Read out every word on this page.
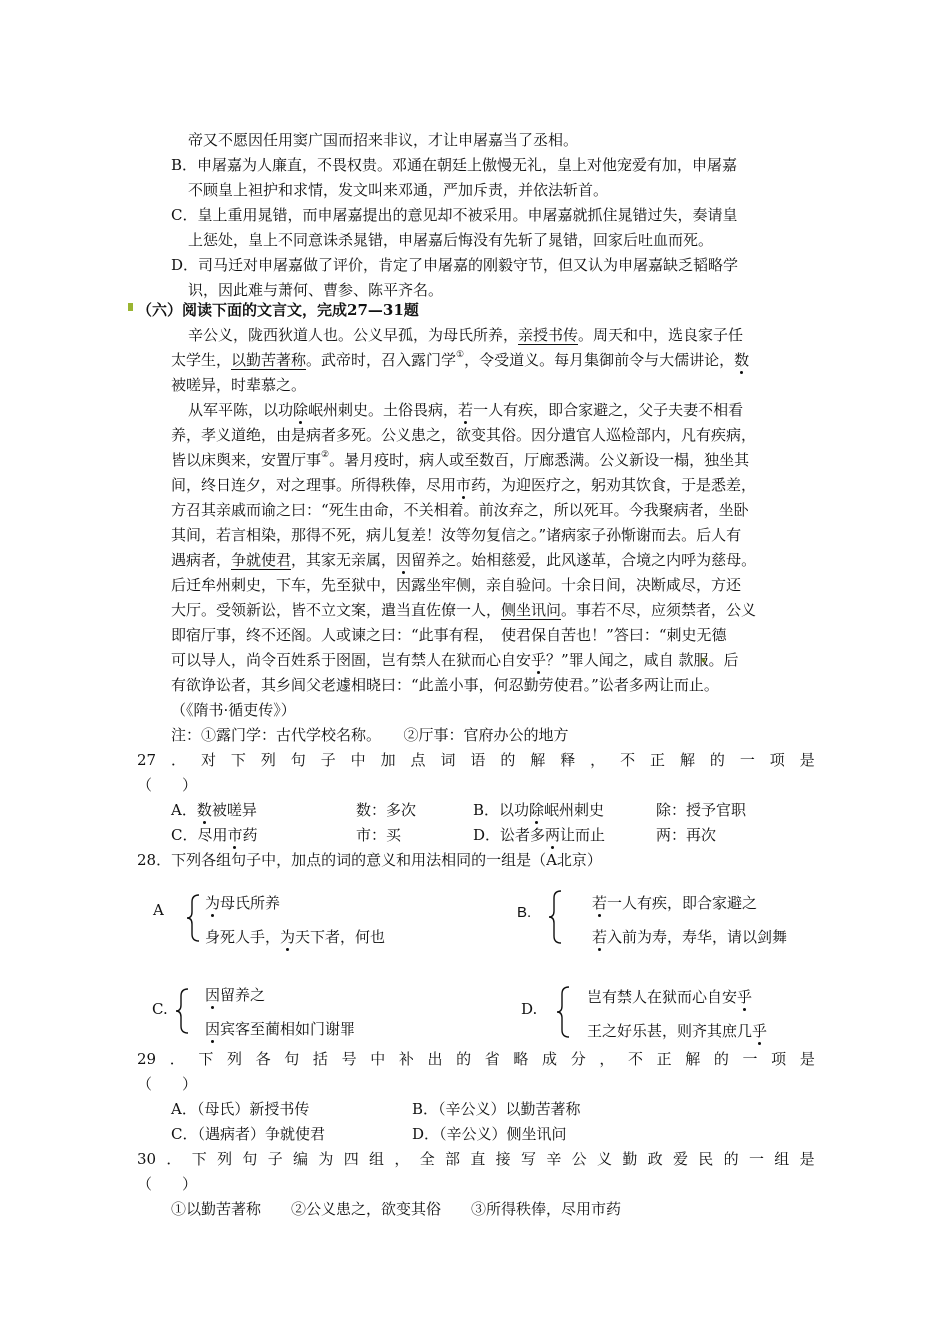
帝又不愿因任用窦广国而招来非议，才让申屠嘉当了丞相。
B．申屠嘉为人廉直，不畏权贵。邓通在朝廷上傲慢无礼，皇上对他宠爱有加，申屠嘉
不顾皇上袒护和求情，发文叫来邓通，严加斥责，并依法斩首。
C．皇上重用晁错，而申屠嘉提出的意见却不被采用。申屠嘉就抓住晁错过失，奏请皇
上惩处，皇上不同意诛杀晁错，申屠嘉后悔没有先斩了晁错，回家后吐血而死。
D．司马迁对申屠嘉做了评价，肯定了申屠嘉的刚毅守节，但又认为申屠嘉缺乏韬略学
识，因此难与萧何、曹参、陈平齐名。
（六）阅读下面的文言文，完成27—31题
辛公义，陇西狄道人也。公义早孤，为母氏所养，亲授书传。周天和中，选良家子任
太学生，以勤苦著称。武帝时，召入露门学①，令受道义。每月集御前令与大儒讲论，数
被嗟异，时辈慕之。
从军平陈，以功除岷州刺史。土俗畏病，若一人有疾，即合家避之，父子夫妻不相看
养，孝义道绝，由是病者多死。公义患之，欲变其俗。因分遣官人巡检部内，凡有疾病，
皆以床舆来，安置厅事②。暑月疫时，病人或至数百，厅廊悉满。公义新设一榻，独坐其
间，终日连夕，对之理事。所得秩俸，尽用市药，为迎医疗之，躬劝其饮食，于是悉差，
方召其亲戚而谕之曰：“死生由命，不关相着。前汝弃之，所以死耳。今我聚病者，坐卧
其间，若言相染，那得不死，病儿复差！汝等勿复信之。”诸病家子孙惭谢而去。后人有
遇病者，争就使君，其家无亲属，因留养之。始相慈爱，此风遂革，合境之内呼为慈母。
后迁牟州刺史，下车，先至狱中，因露坐牢侧，亲自验问。十余日间，决断咸尽，方还
大厅。受领新讼，皆不立文案，遣当直佐僚一人，侧坐讯问。事若不尽，应须禁者，公义
即宿厅事，终不还阁。人或谏之曰：“此事有程，　使君保自苦也！”答曰：“刺史无德
可以导人，尚令百姓系于囹圄，岂有禁人在狱而心自安乎？”罪人闻之，咸自 款服。后
有欲诤讼者，其乡闾父老遽相晓曰：“此盖小事，何忍勤劳使君。”讼者多两让而止。
（《隋书·循吏传》）
注：①露门学：古代学校名称。　　②厅事：官府办公的地方
27 ． 对 下 列 句 子 中 加 点 词 语 的 解 释 ， 不 正 解 的 一 项 是
（　　）
A．数被嗟异	数：多次	B．以功除岷州刺史	除：授予官职
C．尽用市药	市：买	D．讼者多两让而止	两：再次
28．下列各组句子中，加点的词的意义和用法相同的一组是（A北京）
A	为母氏所养
身死人手，为天下者，何也
B.
若一人有疾，即合家避之
若入前为寿，寿华，请以剑舞
C.
因留养之
因宾客至蔺相如门谢罪
D.
岂有禁人在狱而心自安乎
王之好乐甚，则齐其庶几乎
29 ． 下 列 各 句 括 号 中 补 出 的 省 略 成 分 ， 不 正 解 的 一 项 是
（　　）
A．（母氏）新授书传	B．（辛公义）以勤苦著称
C．（遇病者）争就使君	D．（辛公义）侧坐讯问
30 ． 下 列 句 子 编 为 四 组 ， 全 部 直 接 写 辛 公 义 勤 政 爱 民 的 一 组 是
（　　）
①以勤苦著称　　②公义患之，欲变其俗　　③所得秩俸，尽用市药
